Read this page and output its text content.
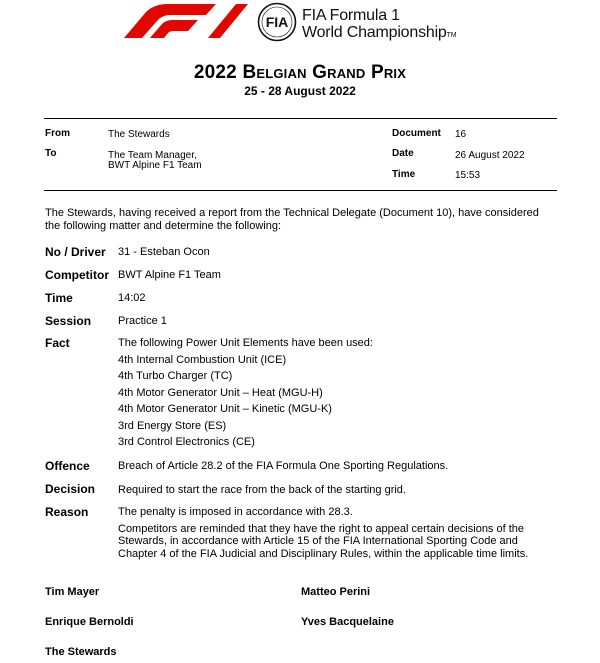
FIA FIA Formula 1
World ChampionshipTM
2022 Belgian Grand Prix
25 - 28 August 2022
From	The Stewards
To	The Team Manager,
BWT Alpine F1 Team
Document 16
Date	26 August 2022
Time	15:53
The Stewards, having received a report from the Technical Delegate (Document 10), have considered the following matter and determine the following:
No / Driver 31 - Esteban Ocon
Competitor BWT Alpine F1 Team
Time	14:02
Session Practice 1
Fact	The following Power Unit Elements have been used:
4th Internal Combustion Unit (ICE)
4th Turbo Charger (TC)
4th Motor Generator Unit – Heat (MGU-H)
4th Motor Generator Unit – Kinetic (MGU-K)
3rd Energy Store (ES)
3rd Control Electronics (CE)
Offence	Breach of Article 28.2 of the FIA Formula One Sporting Regulations.
Decision Required to start the race from the back of the starting grid.
Reason	The penalty is imposed in accordance with 28.3.
Competitors are reminded that they have the right to appeal certain decisions of the Stewards, in accordance with Article 15 of the FIA International Sporting Code and Chapter 4 of the FIA Judicial and Disciplinary Rules, within the applicable time limits.
Tim Mayer	Matteo Perini
Enrique Bernoldi	Yves Bacquelaine
The Stewards
